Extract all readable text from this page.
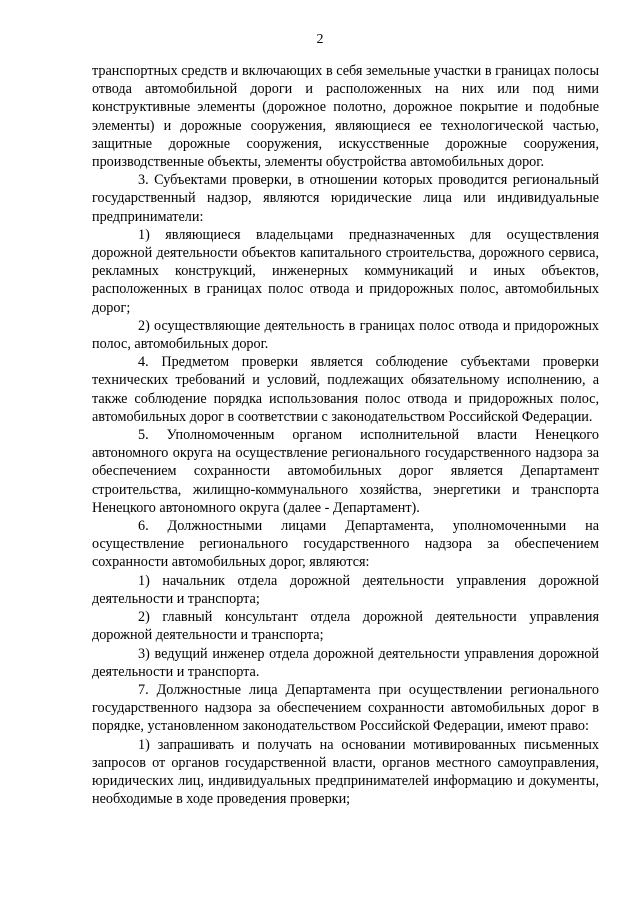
2

транспортных средств и включающих в себя земельные участки в границах полосы отвода автомобильной дороги и расположенных на них или под ними конструктивные элементы (дорожное полотно, дорожное покрытие и подобные элементы) и дорожные сооружения, являющиеся ее технологической частью, защитные дорожные сооружения, искусственные дорожные сооружения, производственные объекты, элементы обустройства автомобильных дорог.

3. Субъектами проверки, в отношении которых проводится региональный государственный надзор, являются юридические лица или индивидуальные предприниматели:

1) являющиеся владельцами предназначенных для осуществления дорожной деятельности объектов капитального строительства, дорожного сервиса, рекламных конструкций, инженерных коммуникаций и иных объектов, расположенных в границах полос отвода и придорожных полос, автомобильных дорог;

2) осуществляющие деятельность в границах полос отвода и придорожных полос, автомобильных дорог.

4. Предметом проверки является соблюдение субъектами проверки технических требований и условий, подлежащих обязательному исполнению, а также соблюдение порядка использования полос отвода и придорожных полос, автомобильных дорог в соответствии с законодательством Российской Федерации.

5. Уполномоченным органом исполнительной власти Ненецкого автономного округа на осуществление регионального государственного надзора за обеспечением сохранности автомобильных дорог является Департамент строительства, жилищно-коммунального хозяйства, энергетики и транспорта Ненецкого автономного округа (далее - Департамент).

6. Должностными лицами Департамента, уполномоченными на осуществление регионального государственного надзора за обеспечением сохранности автомобильных дорог, являются:

1) начальник отдела дорожной деятельности управления дорожной деятельности и транспорта;

2) главный консультант отдела дорожной деятельности управления дорожной деятельности и транспорта;

3) ведущий инженер отдела дорожной деятельности управления дорожной деятельности и транспорта.

7. Должностные лица Департамента при осуществлении регионального государственного надзора за обеспечением сохранности автомобильных дорог в порядке, установленном законодательством Российской Федерации, имеют право:

1) запрашивать и получать на основании мотивированных письменных запросов от органов государственной власти, органов местного самоуправления, юридических лиц, индивидуальных предпринимателей информацию и документы, необходимые в ходе проведения проверки;
